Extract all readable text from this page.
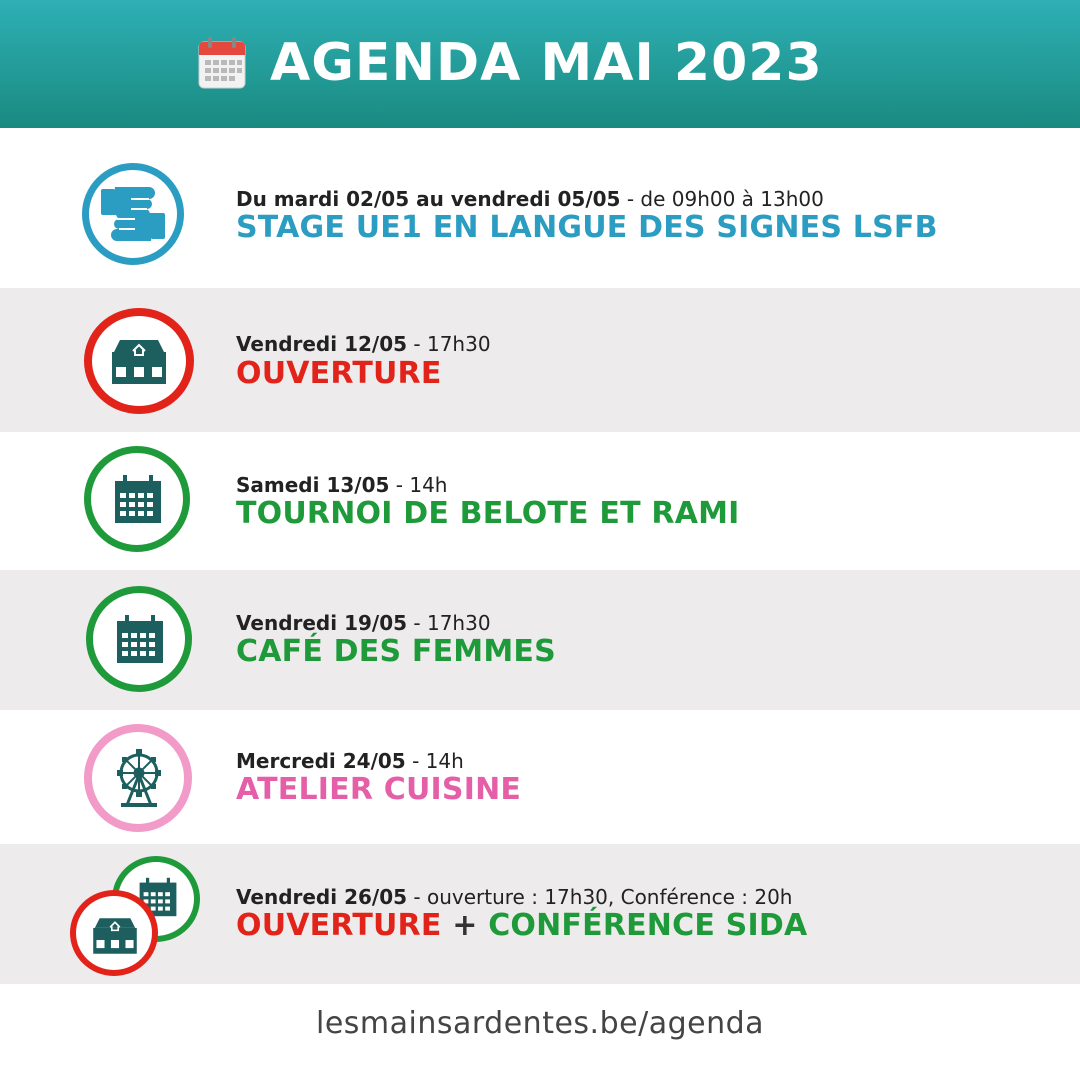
AGENDA MAI 2023
Du mardi 02/05 au vendredi 05/05 - de 09h00 à 13h00
STAGE UE1 EN LANGUE DES SIGNES LSFB
Vendredi 12/05 - 17h30
OUVERTURE
Samedi 13/05 - 14h
TOURNOI DE BELOTE ET RAMI
Vendredi 19/05 - 17h30
CAFÉ DES FEMMES
Mercredi 24/05 - 14h
ATELIER CUISINE
Vendredi 26/05 - ouverture : 17h30, Conférence : 20h
OUVERTURE + CONFÉRENCE SIDA
lesmainsardentes.be/agenda
